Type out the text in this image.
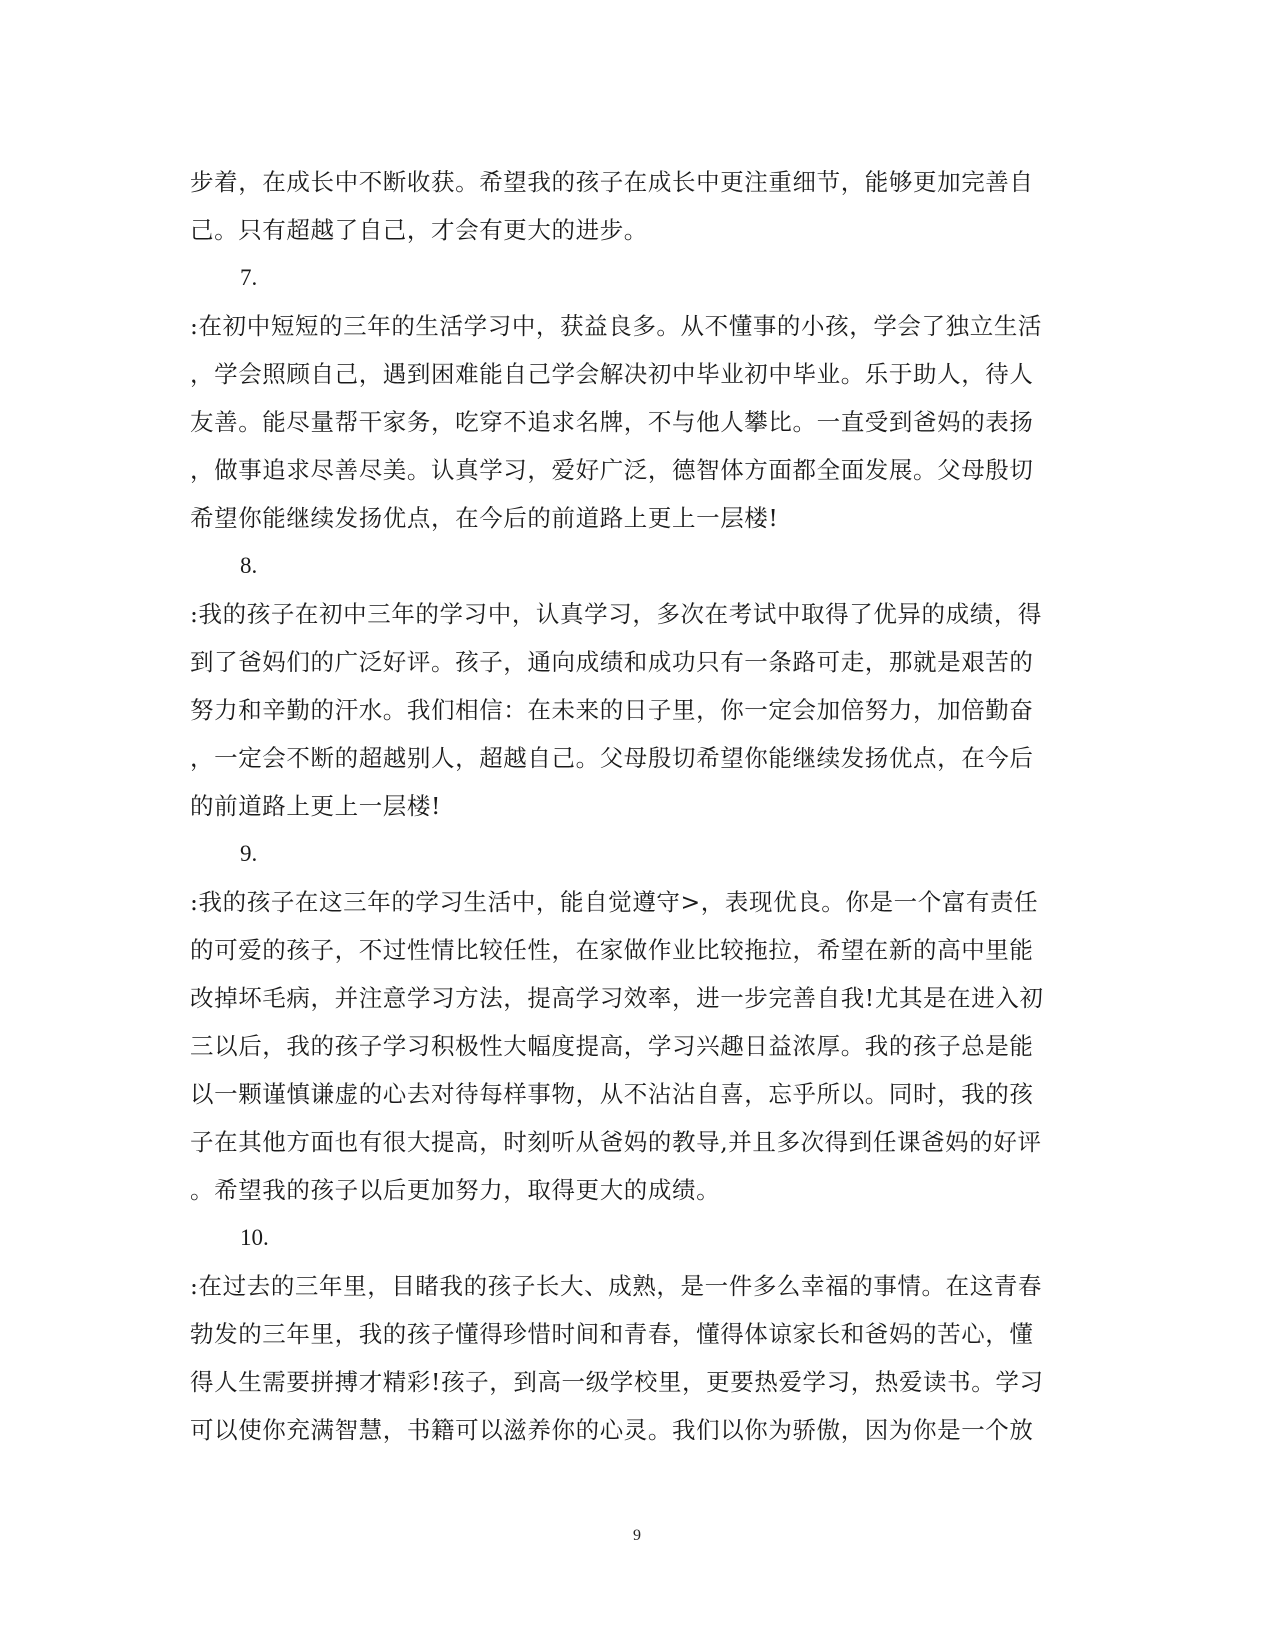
步着，在成长中不断收获。希望我的孩子在成长中更注重细节，能够更加完善自
己。只有超越了自己，才会有更大的进步。
7.
:在初中短短的三年的生活学习中，获益良多。从不懂事的小孩，学会了独立生活
，学会照顾自己，遇到困难能自己学会解决初中毕业初中毕业。乐于助人，待人
友善。能尽量帮干家务，吃穿不追求名牌，不与他人攀比。一直受到爸妈的表扬
，做事追求尽善尽美。认真学习，爱好广泛，德智体方面都全面发展。父母殷切
希望你能继续发扬优点，在今后的前道路上更上一层楼!
8.
:我的孩子在初中三年的学习中，认真学习，多次在考试中取得了优异的成绩，得
到了爸妈们的广泛好评。孩子，通向成绩和成功只有一条路可走，那就是艰苦的
努力和辛勤的汗水。我们相信：在未来的日子里，你一定会加倍努力，加倍勤奋
，一定会不断的超越别人，超越自己。父母殷切希望你能继续发扬优点，在今后
的前道路上更上一层楼!
9.
:我的孩子在这三年的学习生活中，能自觉遵守>，表现优良。你是一个富有责任
的可爱的孩子，不过性情比较任性，在家做作业比较拖拉，希望在新的高中里能
改掉坏毛病，并注意学习方法，提高学习效率，进一步完善自我!尤其是在进入初
三以后，我的孩子学习积极性大幅度提高，学习兴趣日益浓厚。我的孩子总是能
以一颗谨慎谦虚的心去对待每样事物，从不沾沾自喜，忘乎所以。同时，我的孩
子在其他方面也有很大提高，时刻听从爸妈的教导,并且多次得到任课爸妈的好评
。希望我的孩子以后更加努力，取得更大的成绩。
10.
:在过去的三年里，目睹我的孩子长大、成熟，是一件多么幸福的事情。在这青春
勃发的三年里，我的孩子懂得珍惜时间和青春，懂得体谅家长和爸妈的苦心，懂
得人生需要拼搏才精彩!孩子，到高一级学校里，更要热爱学习，热爱读书。学习
可以使你充满智慧，书籍可以滋养你的心灵。我们以你为骄傲，因为你是一个放
9
